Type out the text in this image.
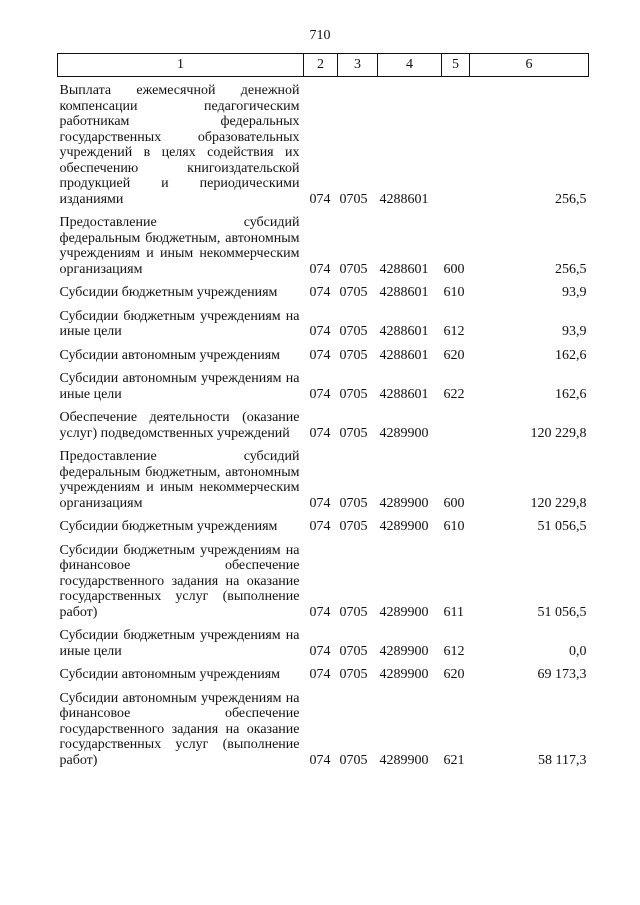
710
1	2	3	4	5	6
Выплата ежемесячной денежной компенсации педагогическим работникам федеральных государственных образовательных учреждений в целях содействия их обеспечению книгоиздательской продукцией и периодическими изданиями	074	0705	4288601		256,5
Предоставление субсидий федеральным бюджетным, автономным учреждениям и иным некоммерческим организациям	074	0705	4288601	600	256,5
Субсидии бюджетным учреждениям	074	0705	4288601	610	93,9
Субсидии бюджетным учреждениям на иные цели	074	0705	4288601	612	93,9
Субсидии автономным учреждениям	074	0705	4288601	620	162,6
Субсидии автономным учреждениям на иные цели	074	0705	4288601	622	162,6
Обеспечение деятельности (оказание услуг) подведомственных учреждений	074	0705	4289900		120 229,8
Предоставление субсидий федеральным бюджетным, автономным учреждениям и иным некоммерческим организациям	074	0705	4289900	600	120 229,8
Субсидии бюджетным учреждениям	074	0705	4289900	610	51 056,5
Субсидии бюджетным учреждениям на финансовое обеспечение государственного задания на оказание государственных услуг (выполнение работ)	074	0705	4289900	611	51 056,5
Субсидии бюджетным учреждениям на иные цели	074	0705	4289900	612	0,0
Субсидии автономным учреждениям	074	0705	4289900	620	69 173,3
Субсидии автономным учреждениям на финансовое обеспечение государственного задания на оказание государственных услуг (выполнение работ)	074	0705	4289900	621	58 117,3
